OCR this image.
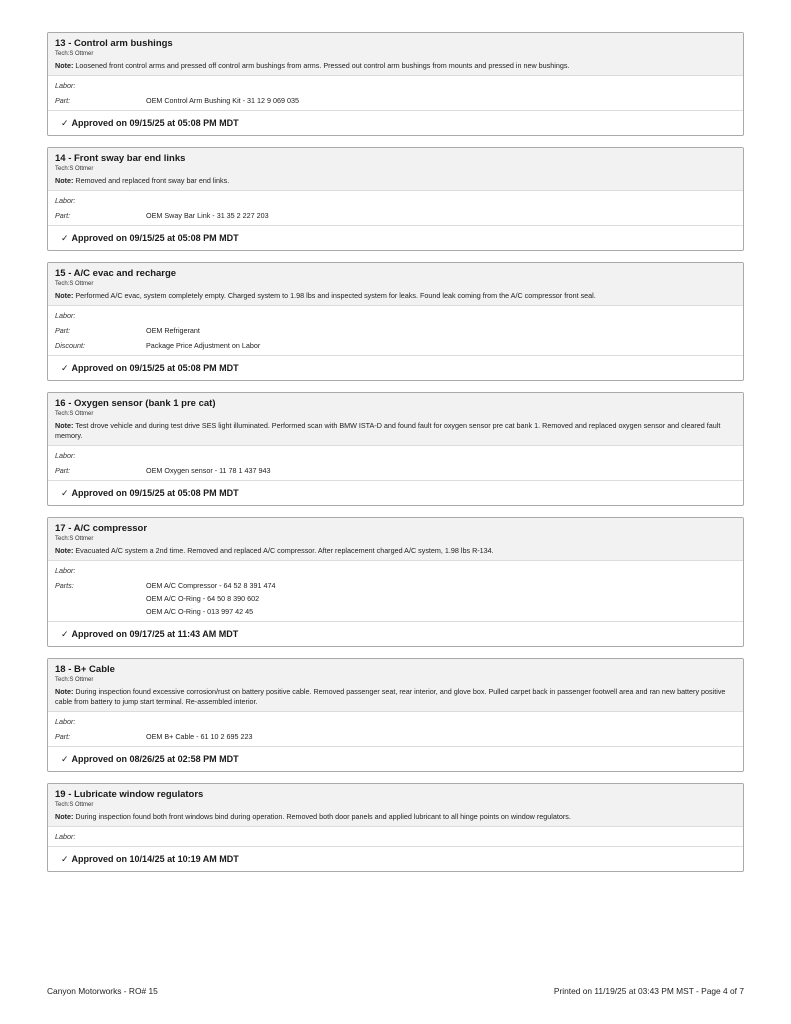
13 - Control arm bushings
Tech:S Ottmer
Note: Loosened front control arms and pressed off control arm bushings from arms. Pressed out control arm bushings from mounts and pressed in new bushings.
Labor:
Part:	OEM Control Arm Bushing Kit - 31 12 9 069 035
✓ Approved on 09/15/25 at 05:08 PM MDT
14 - Front sway bar end links
Tech:S Ottmer
Note: Removed and replaced front sway bar end links.
Labor:
Part:	OEM Sway Bar Link - 31 35 2 227 203
✓ Approved on 09/15/25 at 05:08 PM MDT
15 - A/C evac and recharge
Tech:S Ottmer
Note: Performed A/C evac, system completely empty. Charged system to 1.98 lbs and inspected system for leaks. Found leak coming from the A/C compressor front seal.
Labor:
Part:	OEM Refrigerant
Discount:	Package Price Adjustment on Labor
✓ Approved on 09/15/25 at 05:08 PM MDT
16 - Oxygen sensor (bank 1 pre cat)
Tech:S Ottmer
Note: Test drove vehicle and during test drive SES light illuminated. Performed scan with BMW ISTA-D and found fault for oxygen sensor pre cat bank 1. Removed and replaced oxygen sensor and cleared fault memory.
Labor:
Part:	OEM Oxygen sensor - 11 78 1 437 943
✓ Approved on 09/15/25 at 05:08 PM MDT
17 - A/C compressor
Tech:S Ottmer
Note: Evacuated A/C system a 2nd time. Removed and replaced A/C compressor. After replacement charged A/C system, 1.98 lbs R-134.
Labor:
Parts:	OEM A/C Compressor - 64 52 8 391 474
OEM A/C O-Ring - 64 50 8 390 602
OEM A/C O-Ring - 013 997 42 45
✓ Approved on 09/17/25 at 11:43 AM MDT
18 - B+ Cable
Tech:S Ottmer
Note: During inspection found excessive corrosion/rust on battery positive cable. Removed passenger seat, rear interior, and glove box. Pulled carpet back in passenger footwell area and ran new battery positive cable from battery to jump start terminal. Re-assembled interior.
Labor:
Part:	OEM B+ Cable - 61 10 2 695 223
✓ Approved on 08/26/25 at 02:58 PM MDT
19 - Lubricate window regulators
Tech:S Ottmer
Note: During inspection found both front windows bind during operation. Removed both door panels and applied lubricant to all hinge points on window regulators.
Labor:
✓ Approved on 10/14/25 at 10:19 AM MDT
Canyon Motorworks - RO# 15	Printed on 11/19/25 at 03:43 PM MST - Page 4 of 7
